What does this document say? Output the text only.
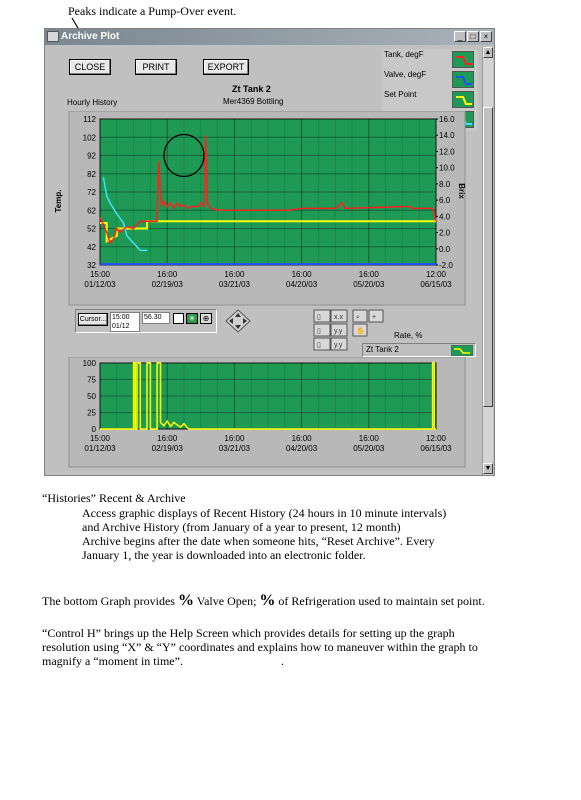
Peaks indicate a Pump-Over event.
Archive Plot	_	□	×
▲
▼
CLOSE	PRINT	EXPORT
Hourly History
Zt Tank 2
Mer4369 Bottling
Tank, degF
Valve, degF
Set Point
112
102
92
82
72
62
52
42
32
16.0
14.0
12.0
10.0
8.0
6.0
4.0
2.0
0.0
-2.0
15:00
01/12/03
16:00
02/19/03
16:00
03/21/03
16:00
04/20/03
16:00
05/20/03
12:00
06/15/03
Temp.	Brix
Cursor... 15:00
01/12
56.30	✳ ⊕	▯ x.x
▯ y.y
▯ y.y
⌕ +
✋	Rate, %
Zt Tank 2
100
75
50
25
0
15:00
01/12/03
16:00
02/19/03
16:00
03/21/03
16:00
04/20/03
16:00
05/20/03
12:00
06/15/03
“Histories” Recent & Archive
Access graphic displays of Recent History (24 hours in 10 minute intervals)
and Archive History (from January of a year to present, 12 month)
Archive begins after the date when someone hits, “Reset Archive”. Every
January 1, the year is downloaded into an electronic folder.
The bottom Graph provides % Valve Open; % of Refrigeration used to maintain set point.
“Control H” brings up the Help Screen which provides details for setting up the graph
resolution using “X” & “Y” coordinates and explains how to maneuver within the graph to
magnify a “moment in time”.	.
